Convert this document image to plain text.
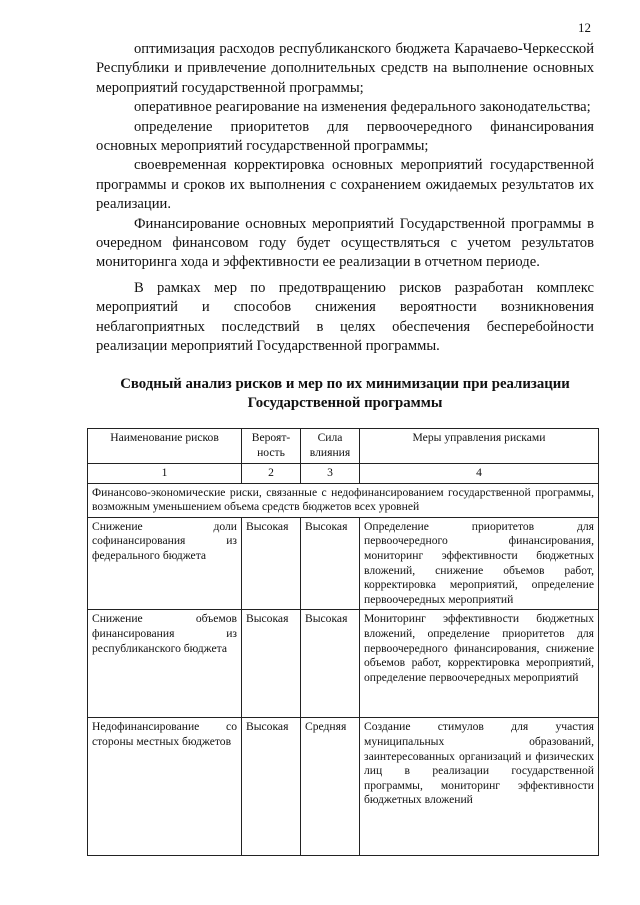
12

оптимизация расходов республиканского бюджета Карачаево-Черкесской Республики и привлечение дополнительных средств на выполнение основных мероприятий государственной программы;

оперативное реагирование на изменения федерального законодательства;

определение приоритетов для первоочередного финансирования основных мероприятий государственной программы;

своевременная корректировка основных мероприятий государственной программы и сроков их выполнения с сохранением ожидаемых результатов их реализации.

Финансирование основных мероприятий Государственной программы в очередном финансовом году будет осуществляться с учетом результатов мониторинга хода и эффективности ее реализации в отчетном периоде.

В рамках мер по предотвращению рисков разработан комплекс мероприятий и способов снижения вероятности возникновения неблагоприятных последствий в целях обеспечения бесперебойности реализации мероприятий Государственной программы.

Сводный анализ рисков и мер по их минимизации при реализации Государственной программы
Наименование рисков	Вероят-ность	Сила влияния	Меры управления рисками
1	2	3	4
Финансово-экономические риски, связанные с недофинансированием государственной программы, возможным уменьшением объема средств бюджетов всех уровней			
Снижение доли софинансирования из федерального бюджета	Высокая	Высокая	Определение приоритетов для первоочередного финансирования, мониторинг эффективности бюджетных вложений, снижение объемов работ, корректировка мероприятий, определение первоочередных мероприятий
Снижение объемов финансирования из республиканского бюджета	Высокая	Высокая	Мониторинг эффективности бюджетных вложений, определение приоритетов для первоочередного финансирования, снижение объемов работ, корректировка мероприятий, определение первоочередных мероприятий
Недофинансирование со стороны местных бюджетов	Высокая	Средняя	Создание стимулов для участия муниципальных образований, заинтересованных организаций и физических лиц в реализации государственной программы, мониторинг эффективности бюджетных вложений
